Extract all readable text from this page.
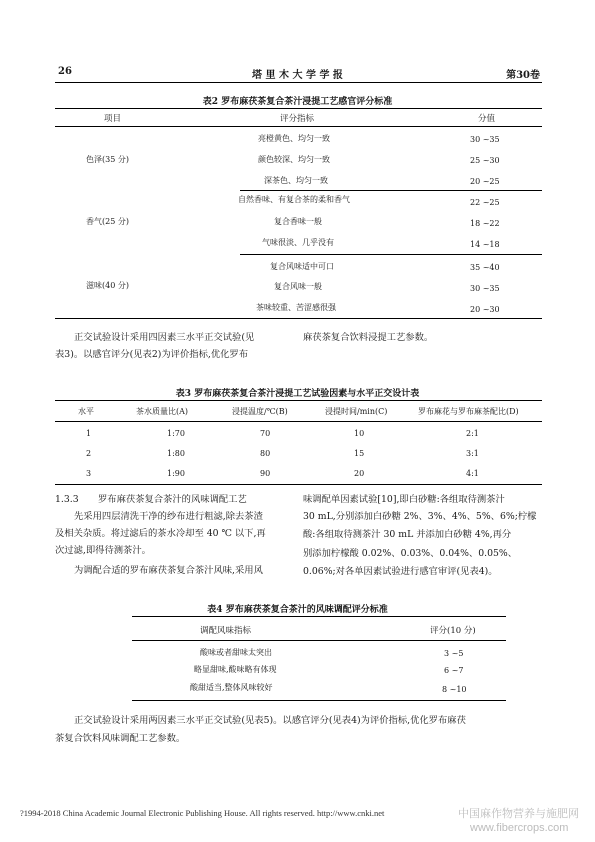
26	塔 里 木 大 学 学 报	第30卷
表2 罗布麻茯茶复合茶汁浸提工艺感官评分标准
项目	评分指标	分值
色泽(35 分)
亮橙黄色、均匀一致	30 ~35
颜色较深、均匀一致	25 ~30
深茶色、均匀一致	20 ~25
香气(25 分)
自然香味、有复合茶的柔和香气	22 ~25
复合香味一般	18 ~22
气味很淡、几乎没有	14 ~18
滋味(40 分)
复合风味适中可口	35 ~40
复合风味一般	30 ~35
茶味较重、苦涩感很强	20 ~30
正交试验设计采用四因素三水平正交试验(见
表3)。以感官评分(见表2)为评价指标,优化罗布
麻茯茶复合饮料浸提工艺参数。
表3 罗布麻茯茶复合茶汁浸提工艺试验因素与水平正交设计表
水平	茶水质量比(A)	浸提温度/℃(B)	浸提时间/min(C)	罗布麻花与罗布麻茶配比(D)
1	1:70	70	10	2:1
2	1:80	80	15	3:1
3	1:90	90	20	4:1
1.3.3 罗布麻茯茶复合茶汁的风味调配工艺
先采用四层清洗干净的纱布进行粗滤,除去茶渣
及相关杂质。将过滤后的茶水冷却至 40 ℃ 以下,再
次过滤,即得待测茶汁。
为调配合适的罗布麻茯茶复合茶汁风味,采用风
味调配单因素试验[10],即白砂糖:各组取待测茶汁
30 mL,分别添加白砂糖 2%、3%、4%、5%、6%;柠檬
酸:各组取待测茶汁 30 mL 并添加白砂糖 4%,再分
别添加柠檬酸 0.02%、0.03%、0.04%、0.05%、
0.06%;对各单因素试验进行感官审评(见表4)。
表4 罗布麻茯茶复合茶汁的风味调配评分标准
调配风味指标	评分(10 分)
酸味或者甜味太突出	3 ~5
略显甜味,酸味略有体现	6 ~7
酸甜适当,整体风味较好	8 ~10
正交试验设计采用两因素三水平正交试验(见表5)。以感官评分(见表4)为评价指标,优化罗布麻茯
茶复合饮料风味调配工艺参数。
?1994-2018 China Academic Journal Electronic Publishing House. All rights reserved. http://www.cnki.net	中国麻作物营养与施肥网
www.fibercrops.com
